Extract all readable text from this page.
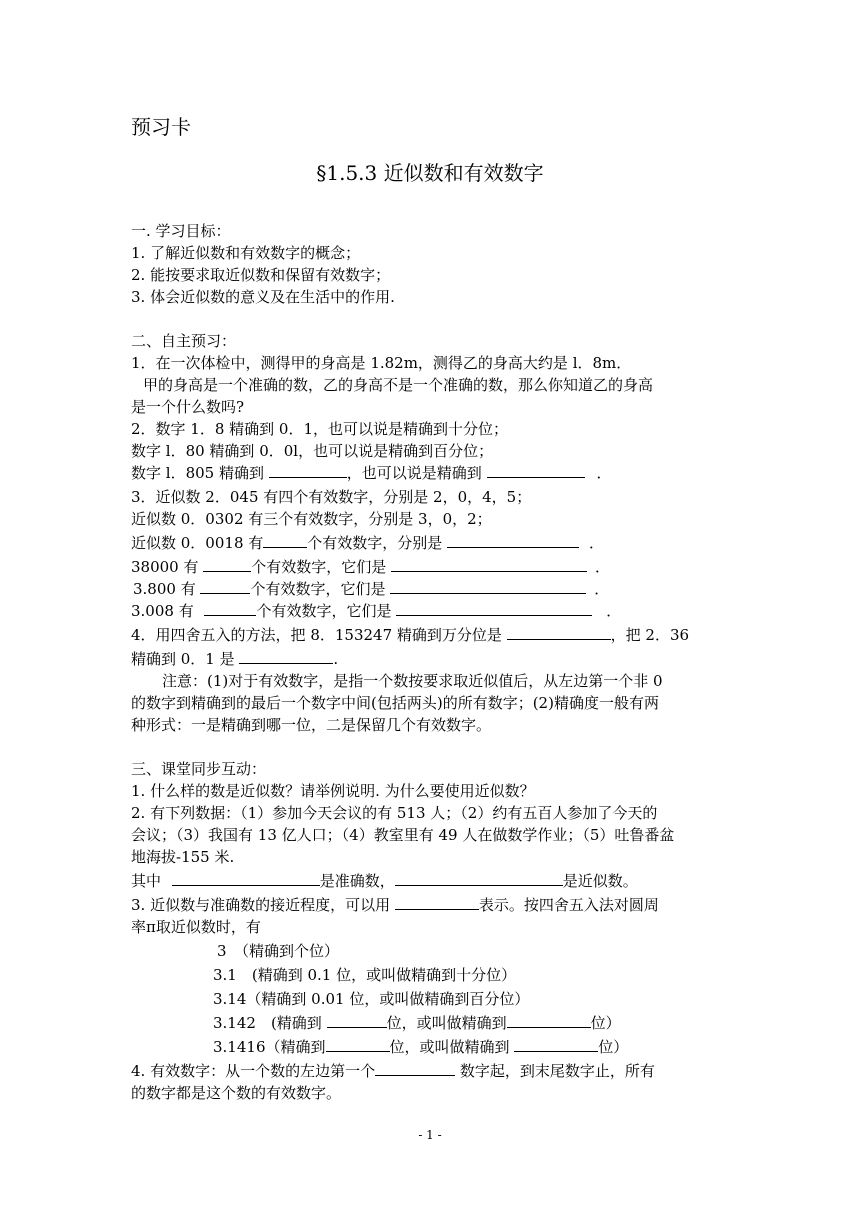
预习卡
§1.5.3 近似数和有效数字
一. 学习目标：
1. 了解近似数和有效数字的概念；
2. 能按要求取近似数和保留有效数字；
3. 体会近似数的意义及在生活中的作用.
二、自主预习：
1．在一次体检中，测得甲的身高是 1.82m，测得乙的身高大约是 l．8m．
甲的身高是一个准确的数，乙的身高不是一个准确的数，那么你知道乙的身高
是一个什么数吗?
2．数字 1．8 精确到 0．1，也可以说是精确到十分位；
数字 l．80 精确到 0．0l，也可以说是精确到百分位；
数字 l．805 精确到	，也可以说是精确到	．
3．近似数 2．045 有四个有效数字，分别是 2，0，4，5；
近似数 0．0302 有三个有效数字，分别是 3，0，2；
近似数 0．0018 有	个有效数字，分别是	．
38000 有	个有效数字，它们是	．
3.800 有	个有效数字，它们是	．
3.008 有	个有效数字，它们是	．
4．用四舍五入的方法，把 8．153247 精确到万分位是	，把 2．36
精确到 0．1 是	.
注意：(1)对于有效数字，是指一个数按要求取近似值后，从左边第一个非 0
的数字到精确到的最后一个数字中间(包括两头)的所有数字；(2)精确度一般有两
种形式：一是精确到哪一位，二是保留几个有效数字。
三、课堂同步互动：
1. 什么样的数是近似数？请举例说明. 为什么要使用近似数？
2. 有下列数据：（1）参加今天会议的有 513 人；（2）约有五百人参加了今天的
会议；（3）我国有 13 亿人口；（4）教室里有 49 人在做数学作业；（5）吐鲁番盆
地海拔-155 米.
其中	是准确数，	是近似数。
3. 近似数与准确数的接近程度，可以用	表示。按四舍五入法对圆周
率π取近似数时，有
3　（精确到个位）
3.1　(精确到 0.1 位，或叫做精确到十分位）
3.14（精确到 0.01 位，或叫做精确到百分位）
3.142　(精确到	位，或叫做精确到	位）
3.1416（精确到	位，或叫做精确到	位）
4. 有效数字：从一个数的左边第一个	数字起，到末尾数字止，所有
的数字都是这个数的有效数字。
- 1 -
